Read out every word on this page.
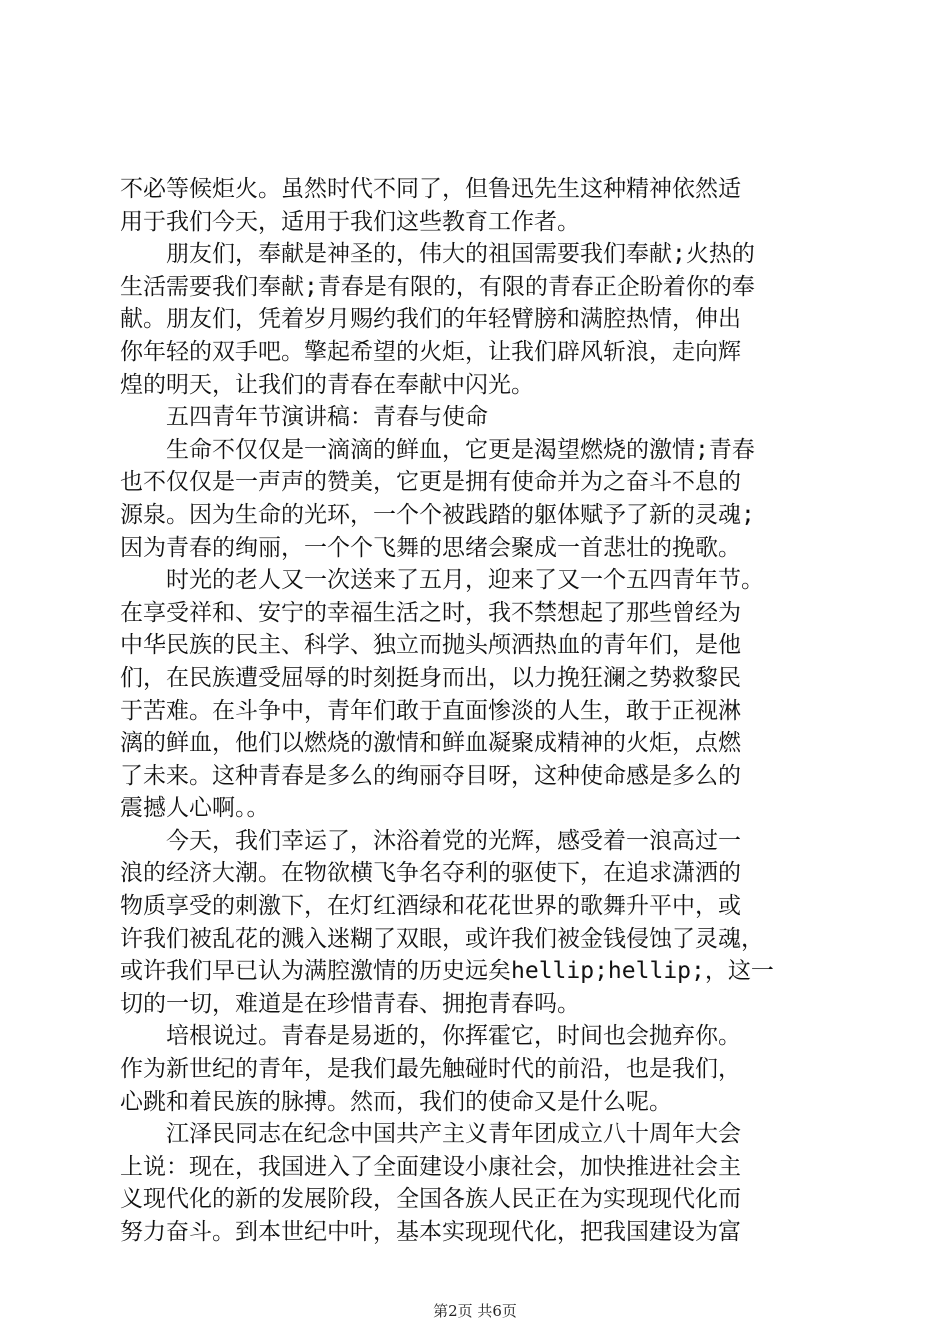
不必等候炬火。虽然时代不同了，但鲁迅先生这种精神依然适
用于我们今天，适用于我们这些教育工作者。
　　朋友们，奉献是神圣的，伟大的祖国需要我们奉献;火热的
生活需要我们奉献;青春是有限的，有限的青春正企盼着你的奉
献。朋友们，凭着岁月赐约我们的年轻臂膀和满腔热情，伸出
你年轻的双手吧。擎起希望的火炬，让我们辟风斩浪，走向辉
煌的明天，让我们的青春在奉献中闪光。
　　五四青年节演讲稿：青春与使命
　　生命不仅仅是一滴滴的鲜血，它更是渴望燃烧的激情;青春
也不仅仅是一声声的赞美，它更是拥有使命并为之奋斗不息的
源泉。因为生命的光环，一个个被践踏的躯体赋予了新的灵魂;
因为青春的绚丽，一个个飞舞的思绪会聚成一首悲壮的挽歌。
　　时光的老人又一次送来了五月，迎来了又一个五四青年节。
在享受祥和、安宁的幸福生活之时，我不禁想起了那些曾经为
中华民族的民主、科学、独立而抛头颅洒热血的青年们，是他
们，在民族遭受屈辱的时刻挺身而出，以力挽狂澜之势救黎民
于苦难。在斗争中，青年们敢于直面惨淡的人生，敢于正视淋
漓的鲜血，他们以燃烧的激情和鲜血凝聚成精神的火炬，点燃
了未来。这种青春是多么的绚丽夺目呀，这种使命感是多么的
震撼人心啊。。
　　今天，我们幸运了，沐浴着党的光辉，感受着一浪高过一
浪的经济大潮。在物欲横飞争名夺利的驱使下，在追求潇洒的
物质享受的刺激下，在灯红酒绿和花花世界的歌舞升平中，或
许我们被乱花的溅入迷糊了双眼，或许我们被金钱侵蚀了灵魂，
或许我们早已认为满腔激情的历史远矣hellip;hellip;，这一
切的一切，难道是在珍惜青春、拥抱青春吗。
　　培根说过。青春是易逝的，你挥霍它，时间也会抛弃你。
作为新世纪的青年，是我们最先触碰时代的前沿，也是我们，
心跳和着民族的脉搏。然而，我们的使命又是什么呢。
　　江泽民同志在纪念中国共产主义青年团成立八十周年大会
上说：现在，我国进入了全面建设小康社会，加快推进社会主
义现代化的新的发展阶段，全国各族人民正在为实现现代化而
努力奋斗。到本世纪中叶，基本实现现代化，把我国建设为富
第2页 共6页
